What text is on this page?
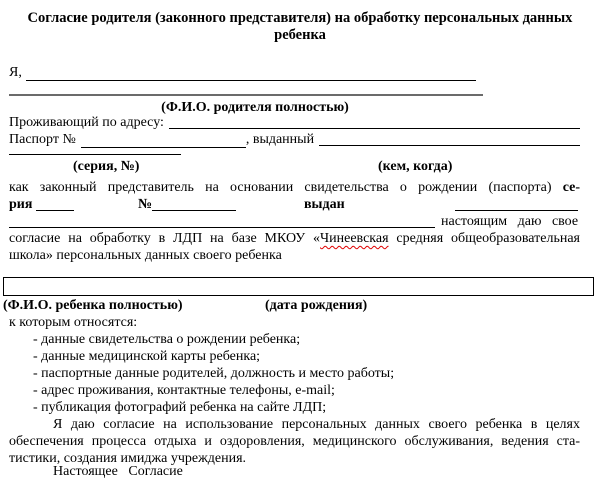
Согласие родителя (законного представителя) на обработку персональных данных
ребенка
Я,
(Ф.И.О. родителя полностью)
Проживающий по адресу:
Паспорт №	, выданный
(серия, №)	(кем, когда)
как законный представитель на основании свидетельства о рождении (паспорта) се-
рия	№	выдан
настоящим даю свое
согласие на обработку в ЛДП на базе МКОУ «Чинеевская средняя общеобразовательная
школа» персональных данных своего ребенка
(Ф.И.О. ребенка полностью)	(дата рождения)
к которым относятся:
- данные свидетельства о рождении ребенка;
- данные медицинской карты ребенка;
- паспортные данные родителей, должность и место работы;
- адрес проживания, контактные телефоны, e-mail;
- публикация фотографий ребенка на сайте ЛДП;
Я даю согласие на использование персональных данных своего ребенка в целях
обеспечения процесса отдыха и оздоровления, медицинского обслуживания, ведения ста-
тистики, создания имиджа учреждения.
Настоящее Согласие
